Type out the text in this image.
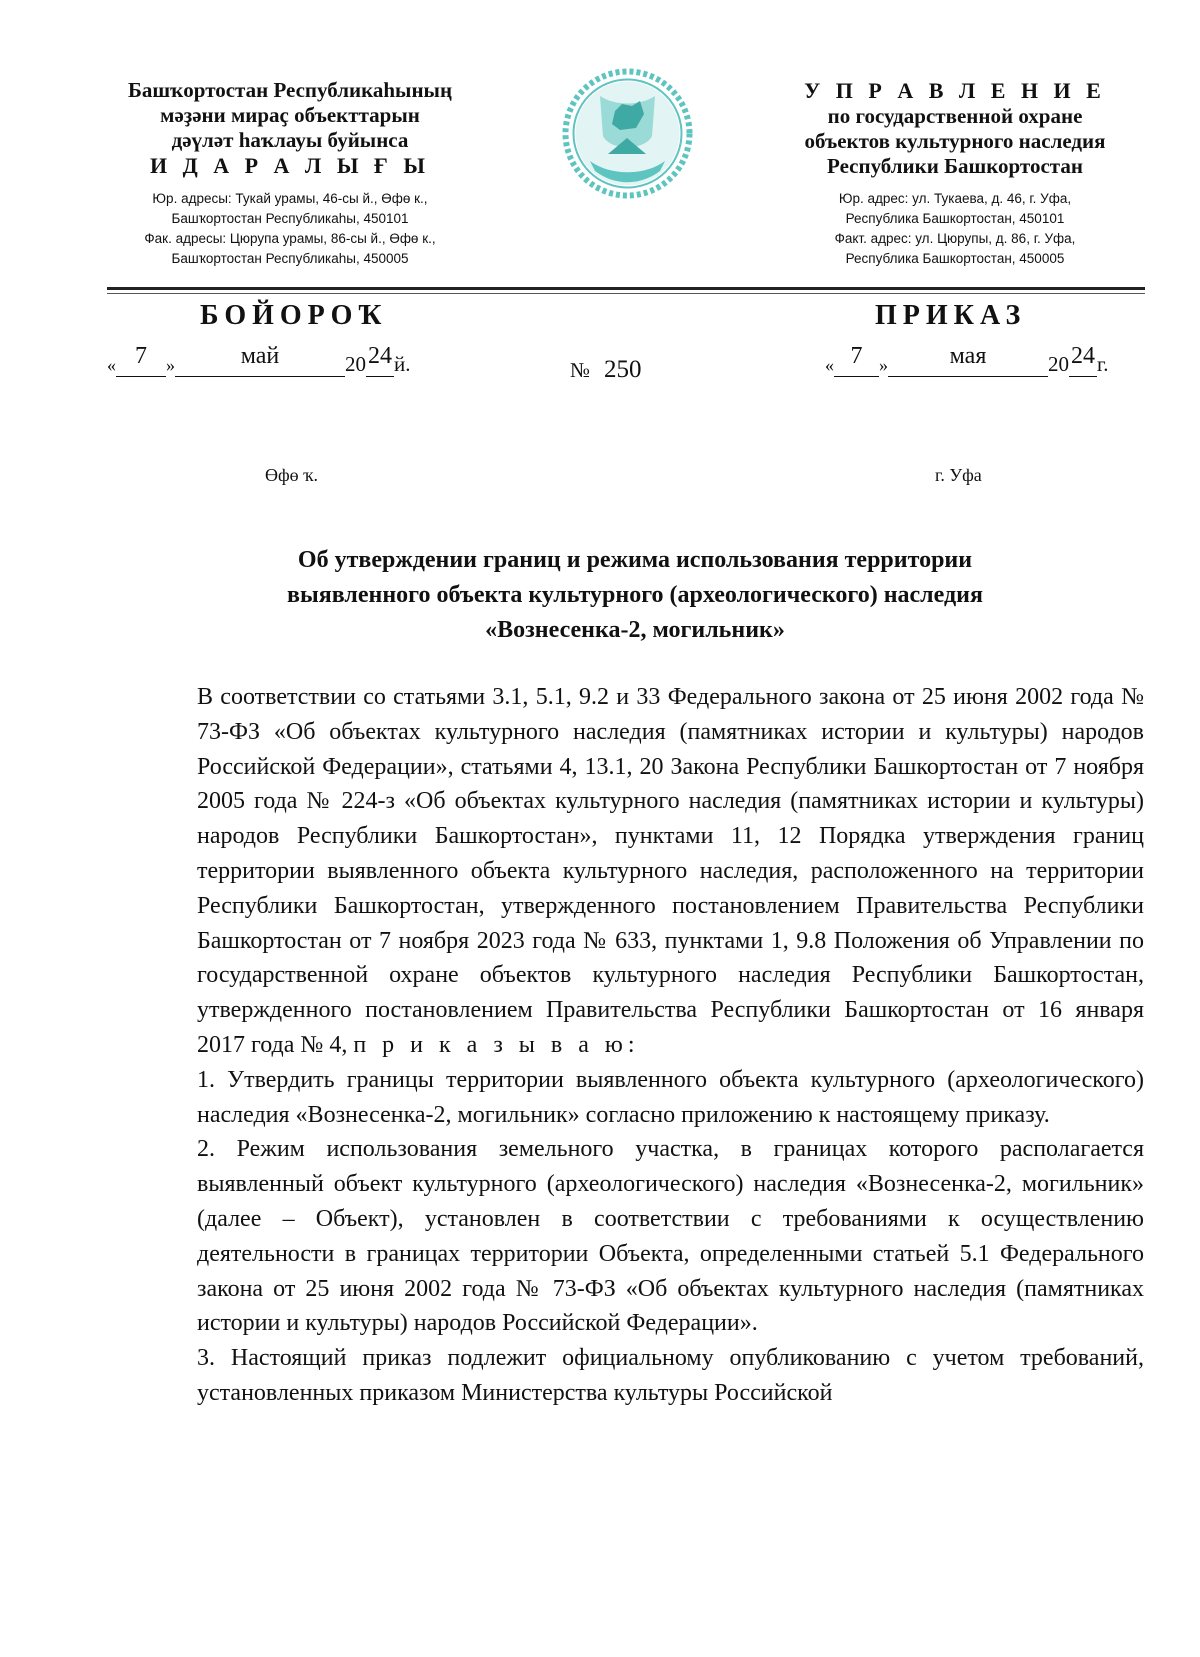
Башҡортостан Республикаһының
мәҙәни мираҫ объекттарын
дәүләт һаҡлауы буйынса
И Д А Р А Л Ы Ғ Ы
Юр. адресы: Тукай урамы, 46-сы й., Өфө к.,
Башҡортостан Республикаһы, 450101
Фак. адресы: Цюрупа урамы, 86-сы й., Өфө к.,
Башҡортостан Республикаһы, 450005
У П Р А В Л Е Н И Е
по государственной охране
объектов культурного наследия
Республики Башкортостан
Юр. адрес: ул. Тукаева, д. 46, г. Уфа,
Республика Башкортостан, 450101
Факт. адрес: ул. Цюрупы, д. 86, г. Уфа,
Республика Башкортостан, 450005
БОЙОРОҠ	ПРИКАЗ
« 7 »	май	2024й.	№ 250	« 7 »	мая	2024г.
Өфө ҡ.	г. Уфа
Об утверждении границ и режима использования территории
выявленного объекта культурного (археологического) наследия
«Вознесенка-2, могильник»
В соответствии со статьями 3.1, 5.1, 9.2 и 33 Федерального закона от 25 июня 2002 года № 73-ФЗ «Об объектах культурного наследия (памятниках истории и культуры) народов Российской Федерации», статьями 4, 13.1, 20 Закона Республики Башкортостан от 7 ноября 2005 года № 224-з «Об объектах культурного наследия (памятниках истории и культуры) народов Республики Башкортостан», пунктами 11, 12 Порядка утверждения границ территории выявленного объекта культурного наследия, расположенного на территории Республики Башкортостан, утвержденного постановлением Правительства Республики Башкортостан от 7 ноября 2023 года № 633, пунктами 1, 9.8 Положения об Управлении по государственной охране объектов культурного наследия Республики Башкортостан, утвержденного постановлением Правительства Республики Башкортостан от 16 января 2017 года № 4, п р и к а з ы в а ю:
1. Утвердить границы территории выявленного объекта культурного (археологического) наследия «Вознесенка-2, могильник» согласно приложению к настоящему приказу.
2. Режим использования земельного участка, в границах которого располагается выявленный объект культурного (археологического) наследия «Вознесенка-2, могильник» (далее – Объект), установлен в соответствии с требованиями к осуществлению деятельности в границах территории Объекта, определенными статьей 5.1 Федерального закона от 25 июня 2002 года № 73-ФЗ «Об объектах культурного наследия (памятниках истории и культуры) народов Российской Федерации».
3. Настоящий приказ подлежит официальному опубликованию с учетом требований, установленных приказом Министерства культуры Российской
